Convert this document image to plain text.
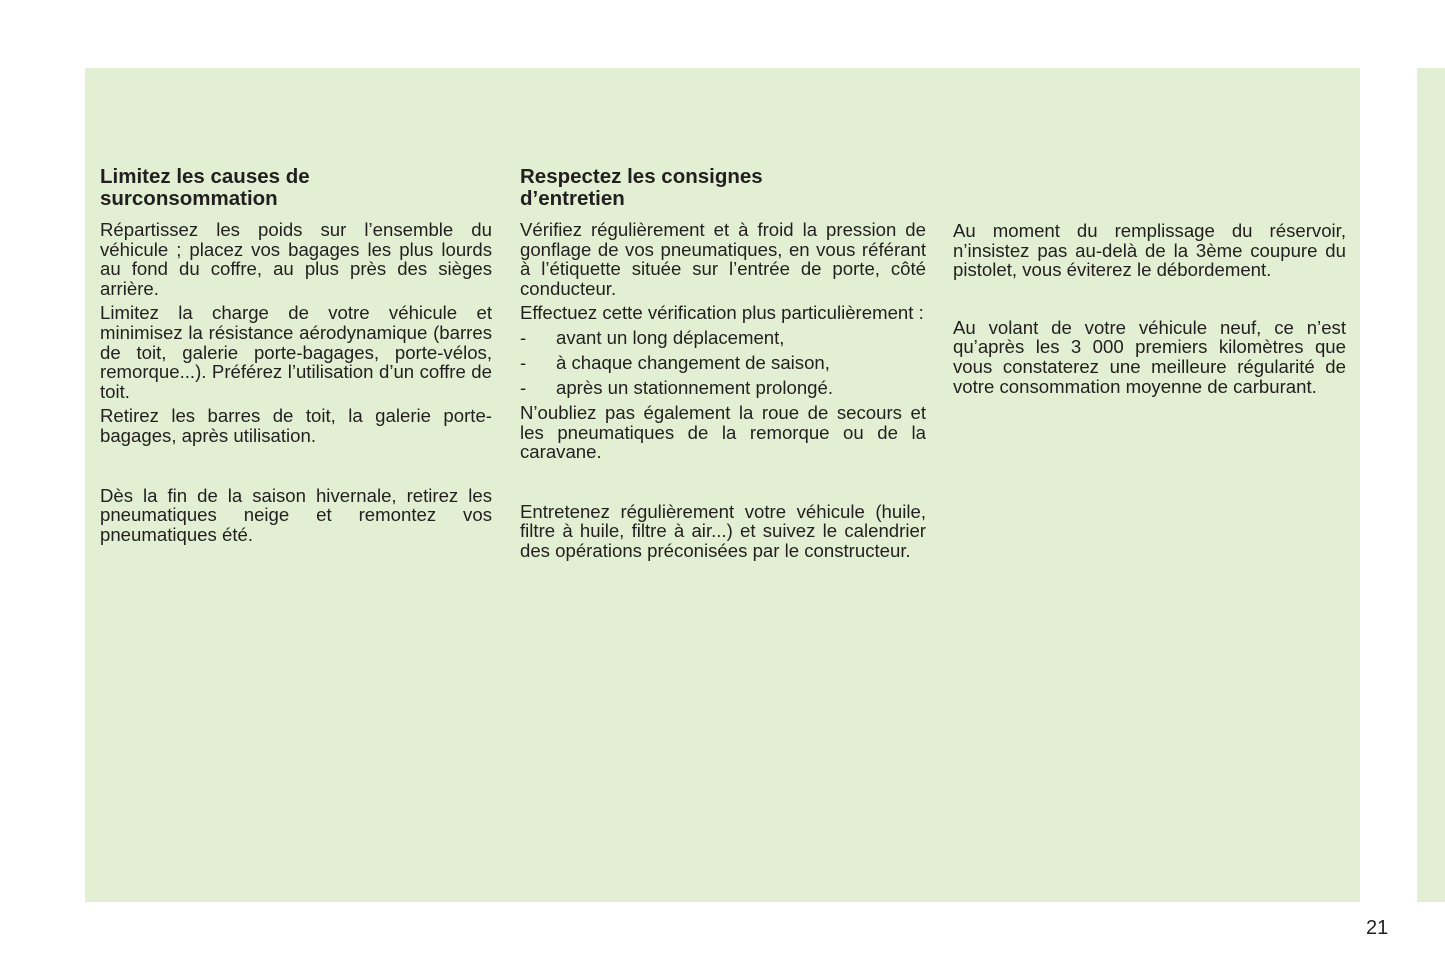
Limitez les causes de
surconsommation

Répartissez les poids sur l’ensemble du véhicule ; placez vos bagages les plus lourds au fond du coffre, au plus près des sièges arrière.

Limitez la charge de votre véhicule et minimisez la résistance aérodynamique (barres de toit, galerie porte-bagages, porte-vélos, remorque...). Préférez l’utilisation d’un coffre de toit.

Retirez les barres de toit, la galerie porte-bagages, après utilisation.

Dès la fin de la saison hivernale, retirez les pneumatiques neige et remontez vos pneumatiques été.

Respectez les consignes
d’entretien

Vérifiez régulièrement et à froid la pression de gonflage de vos pneumatiques, en vous référant à l’étiquette située sur l’entrée de porte, côté conducteur.

Effectuez cette vérification plus particulièrement :

- avant un long déplacement,
- à chaque changement de saison,
- après un stationnement prolongé.

N’oubliez pas également la roue de secours et les pneumatiques de la remorque ou de la caravane.

Entretenez régulièrement votre véhicule (huile, filtre à huile, filtre à air...) et suivez le calendrier des opérations préconisées par le constructeur.

Au moment du remplissage du réservoir, n’insistez pas au-delà de la 3ème coupure du pistolet, vous éviterez le débordement.

Au volant de votre véhicule neuf, ce n’est qu’après les 3 000 premiers kilomètres que vous constaterez une meilleure régularité de votre consommation moyenne de carburant.

21
